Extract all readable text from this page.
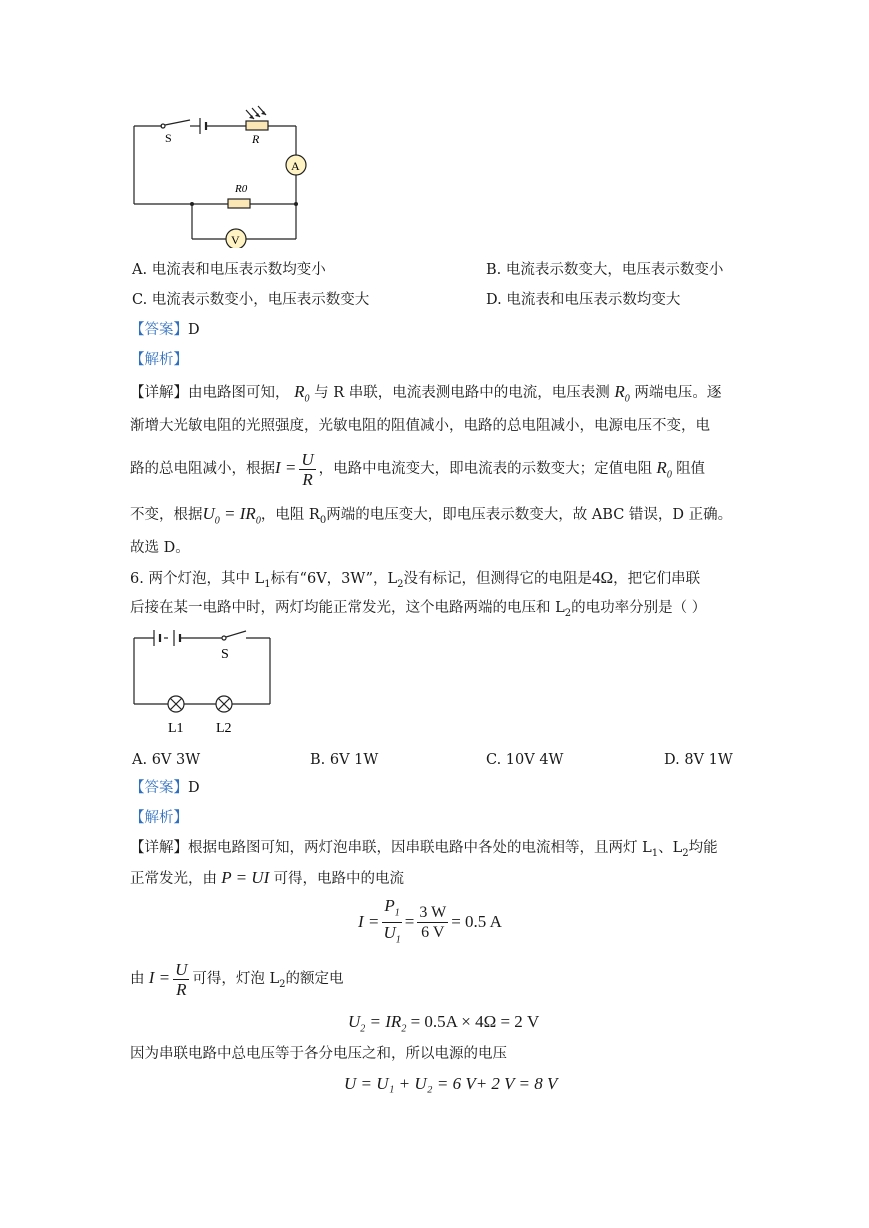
S	R
A
R0
V
A. 电流表和电压表示数均变小	B. 电流表示数变大，电压表示数变小
C. 电流表示数变小，电压表示数变大	D. 电流表和电压表示数均变大
【答案】D
【解析】
【详解】由电路图可知， $R_0$ 与 R 串联，电流表测电路中的电流，电压表测 $R_0$ 两端电压。逐
渐增大光敏电阻的光照强度，光敏电阻的阻值减小，电路的总电阻减小，电源电压不变，电
路的总电阻减小，根据$I = \frac{U}{R}$ ，电路中电流变大，即电流表的示数变大；定值电阻 $R_0$ 阻值
不变，根据$U_0 = IR_0$，电阻 $R_0$两端的电压变大，即电压表示数变大，故 ABC 错误，D 正确。
故选 D。
6. 两个灯泡，其中 $L_1$标有“6V，3W”，$L_2$没有标记，但测得它的电阻是4Ω，把它们串联
后接在某一电路中时，两灯均能正常发光，这个电路两端的电压和 $L_2$的电功率分别是（ ）
S
L1 L2
A. 6V 3W	B. 6V 1W	C. 10V 4W	D. 8V 1W
【答案】D
【解析】
【详解】根据电路图可知，两灯泡串联，因串联电路中各处的电流相等，且两灯 $L_1$、$L_2$均能
正常发光，由 P = UI 可得，电路中的电流
$I = \frac{P_1}{U_1} = \frac{3 W}{6 V} = 0.5$ A
由 $I = \frac{U}{R}$ 可得，灯泡 $L_2$的额定电
$U_2 = IR_2 = 0.5A \times 4\Omega = 2$ V
因为串联电路中总电压等于各分电压之和，所以电源的电压
U = U₁ + U₂ = 6 V+ 2 V = 8 V
